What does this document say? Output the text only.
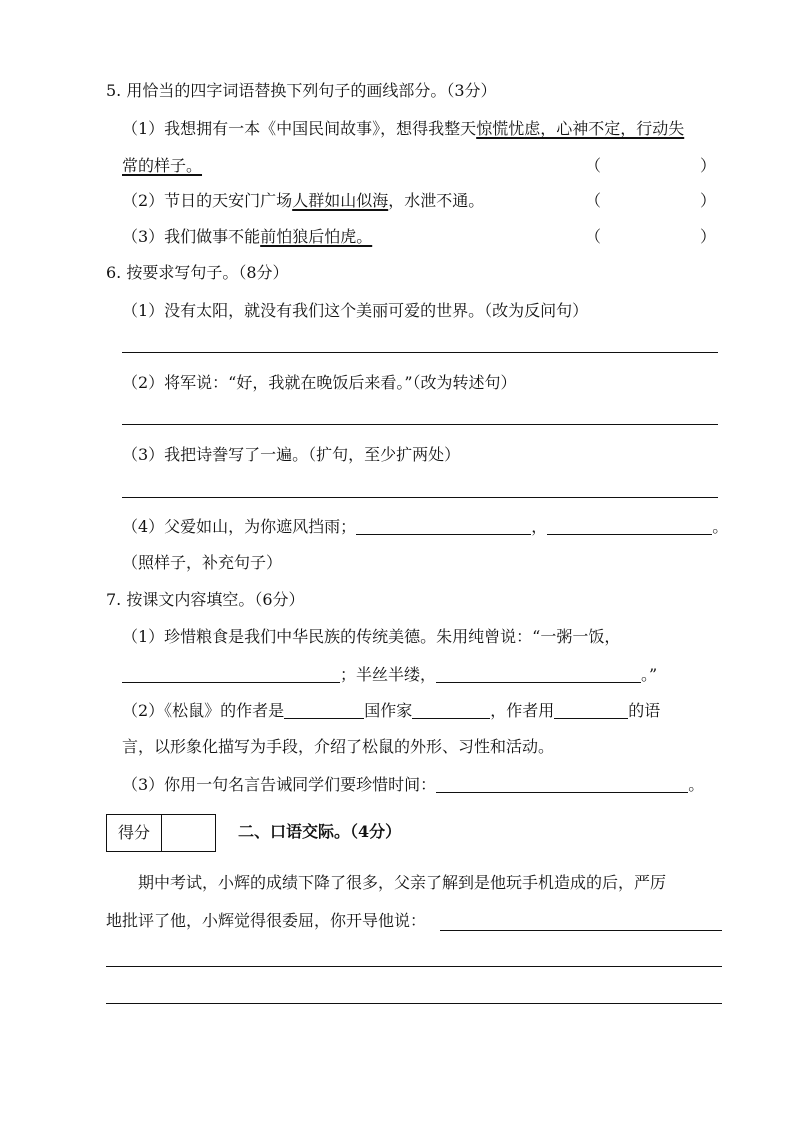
5. 用恰当的四字词语替换下列句子的画线部分。（3分）
（1）我想拥有一本《中国民间故事》，想得我整天惊慌忧虑，心神不定，行动失
常的样子。	（	）
（2）节日的天安门广场人群如山似海，水泄不通。	（	）
（3）我们做事不能前怕狼后怕虎。	（	）
6. 按要求写句子。（8分）
（1）没有太阳，就没有我们这个美丽可爱的世界。（改为反问句）
（2）将军说：“好，我就在晚饭后来看。”（改为转述句）
（3）我把诗誊写了一遍。（扩句，至少扩两处）
（4）父爱如山，为你遮风挡雨；	，	。
（照样子，补充句子）
7. 按课文内容填空。（6分）
（1）珍惜粮食是我们中华民族的传统美德。朱用纯曾说：“一粥一饭，
；半丝半缕，	。”
（2）《松鼠》的作者是	国作家	，作者用	的语
言，以形象化描写为手段，介绍了松鼠的外形、习性和活动。
（3）你用一句名言告诫同学们要珍惜时间：	。
得分	二、口语交际。（4分）
期中考试，小辉的成绩下降了很多，父亲了解到是他玩手机造成的后，严厉
地批评了他，小辉觉得很委屈，你开导他说：
